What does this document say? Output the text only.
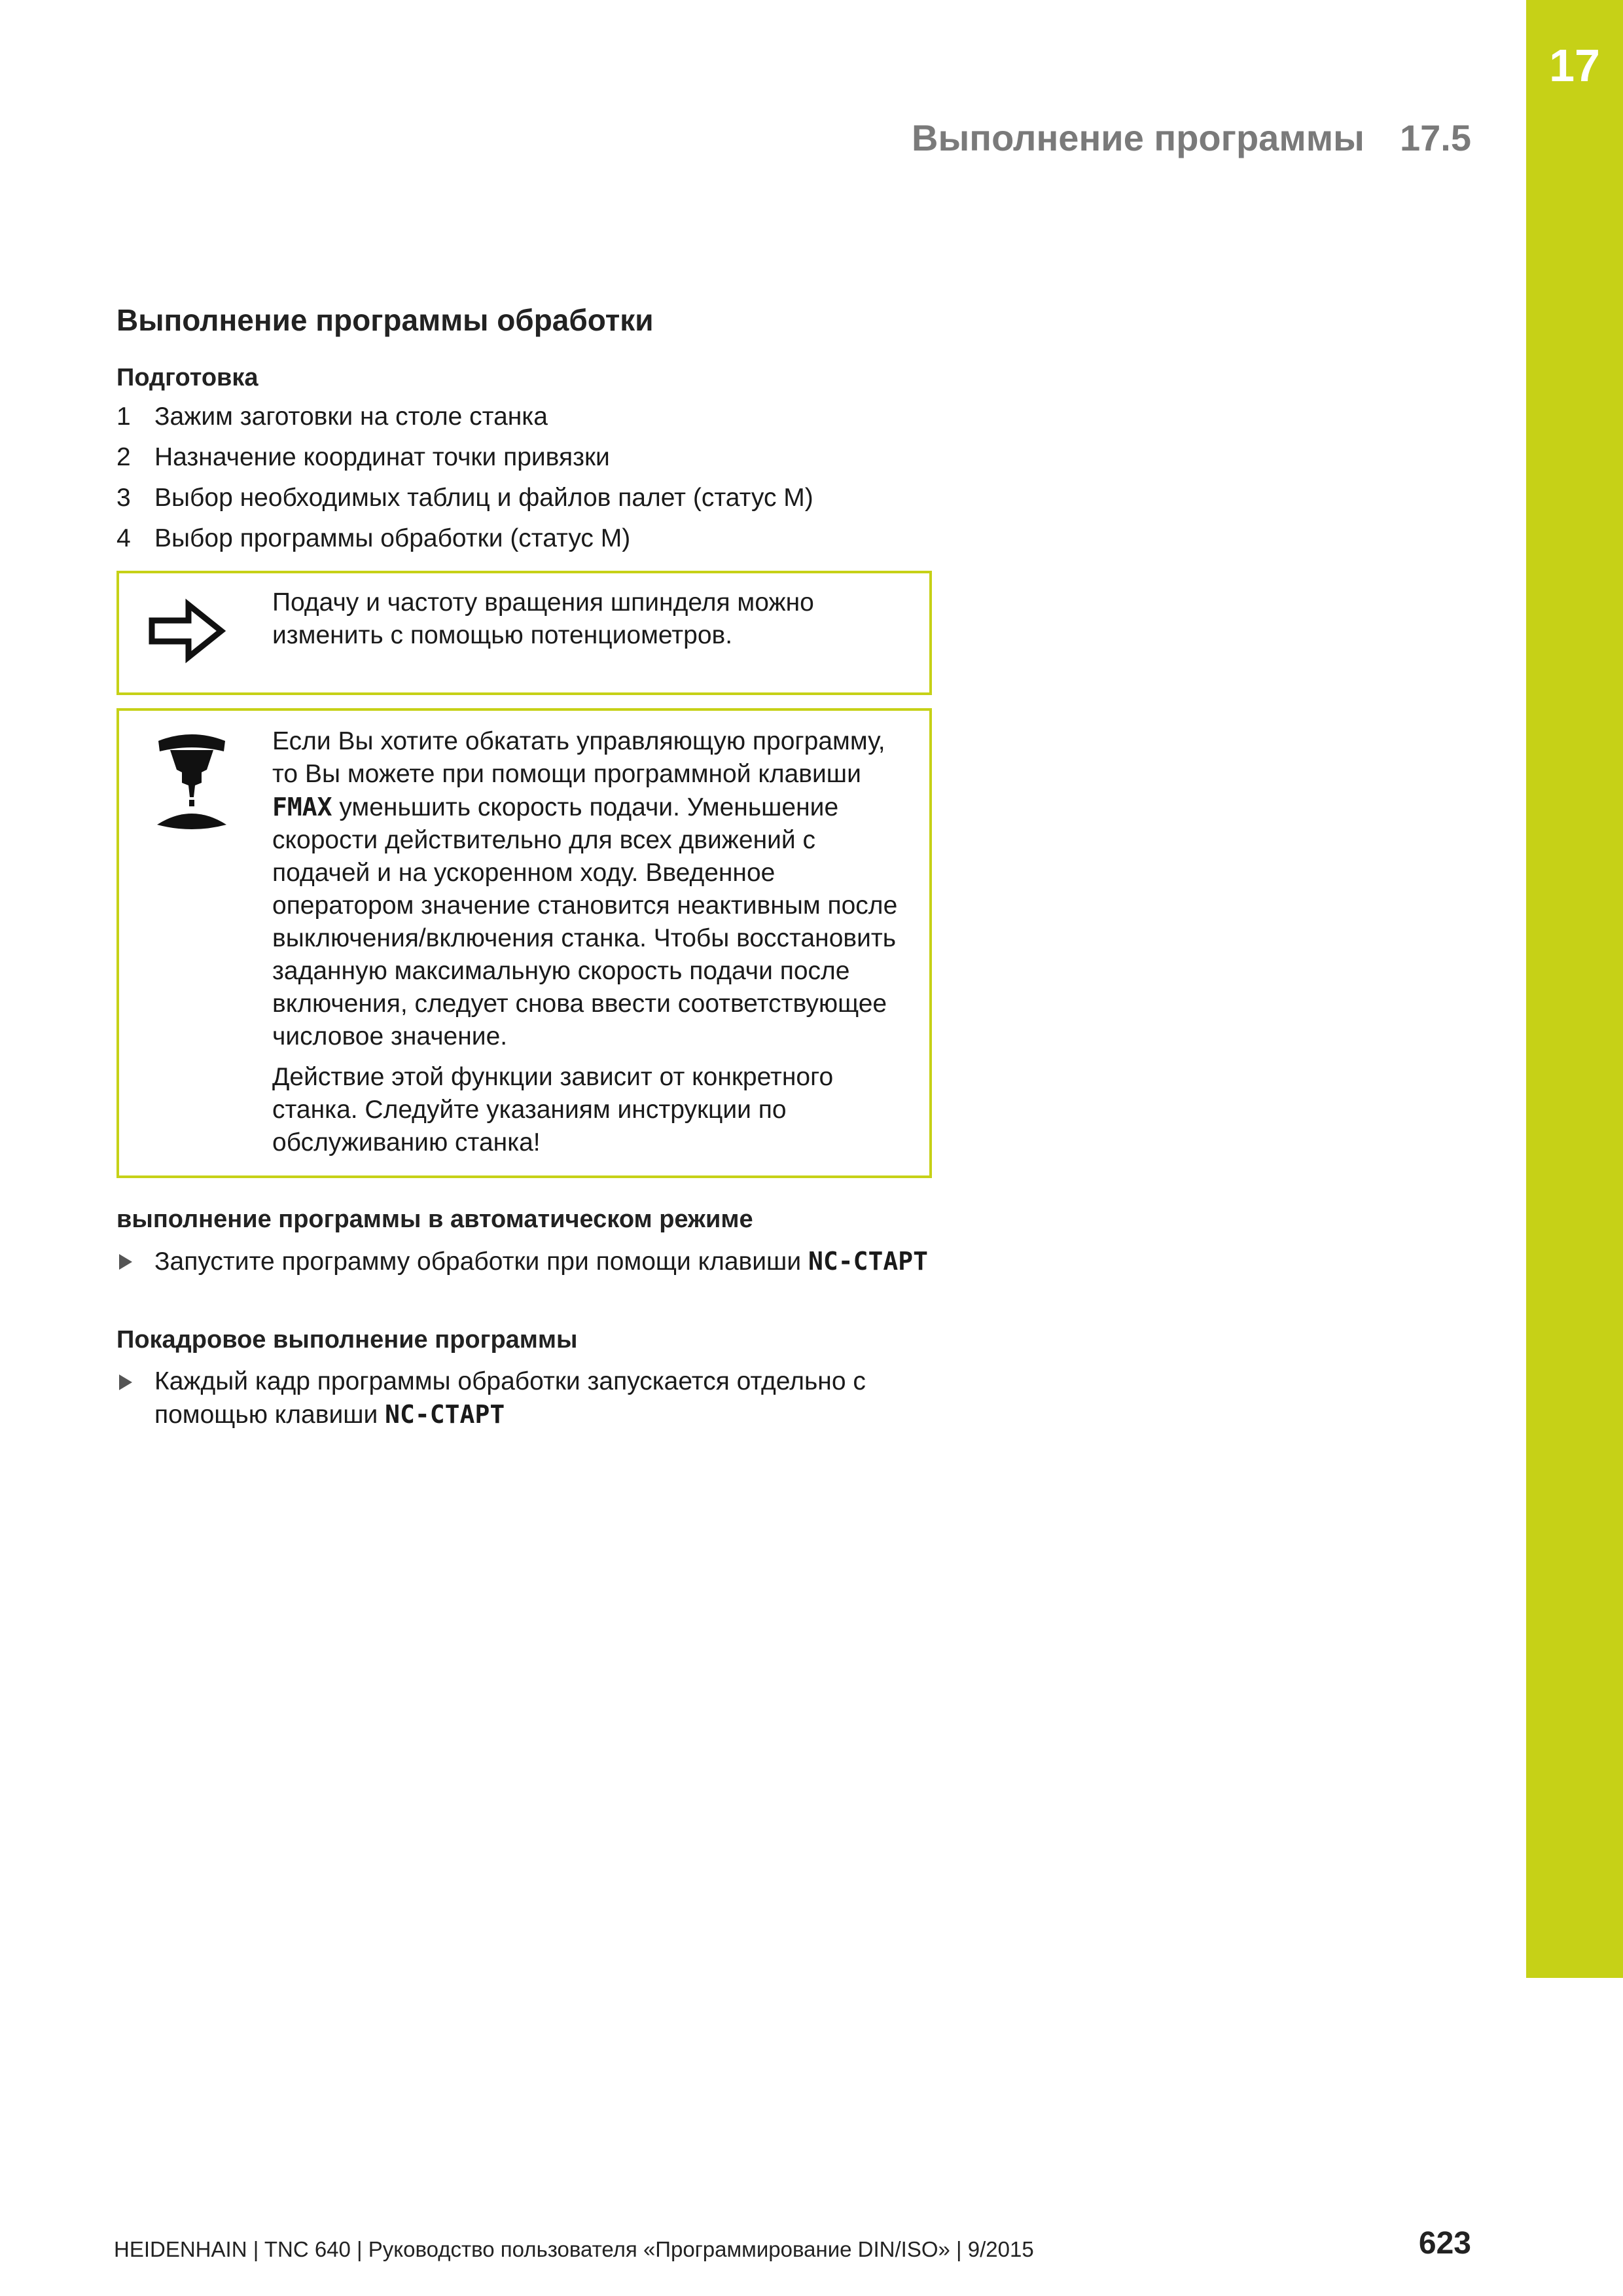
17
Выполнение программы 17.5
Выполнение программы обработки
Подготовка
1 Зажим заготовки на столе станка
2 Назначение координат точки привязки
3 Выбор необходимых таблиц и файлов палет (статус М)
4 Выбор программы обработки (статус М)
Подачу и частоту вращения шпинделя можно изменить с помощью потенциометров.

Если Вы хотите обкатать управляющую программу, то Вы можете при помощи программной клавиши FMAX уменьшить скорость подачи. Уменьшение скорости действительно для всех движений с подачей и на ускоренном ходу. Введенное оператором значение становится неактивным после выключения/включения станка. Чтобы восстановить заданную максимальную скорость подачи после включения, следует снова ввести соответствующее числовое значение.

Действие этой функции зависит от конкретного станка. Следуйте указаниям инструкции по обслуживанию станка!

выполнение программы в автоматическом режиме
Запустите программу обработки при помощи клавиши NC-СТАРТ
Покадровое выполнение программы
Каждый кадр программы обработки запускается отдельно с помощью клавиши NC-СТАРТ
HEIDENHAIN | TNC 640 | Руководство пользователя «Программирование DIN/ISO» | 9/2015	623
